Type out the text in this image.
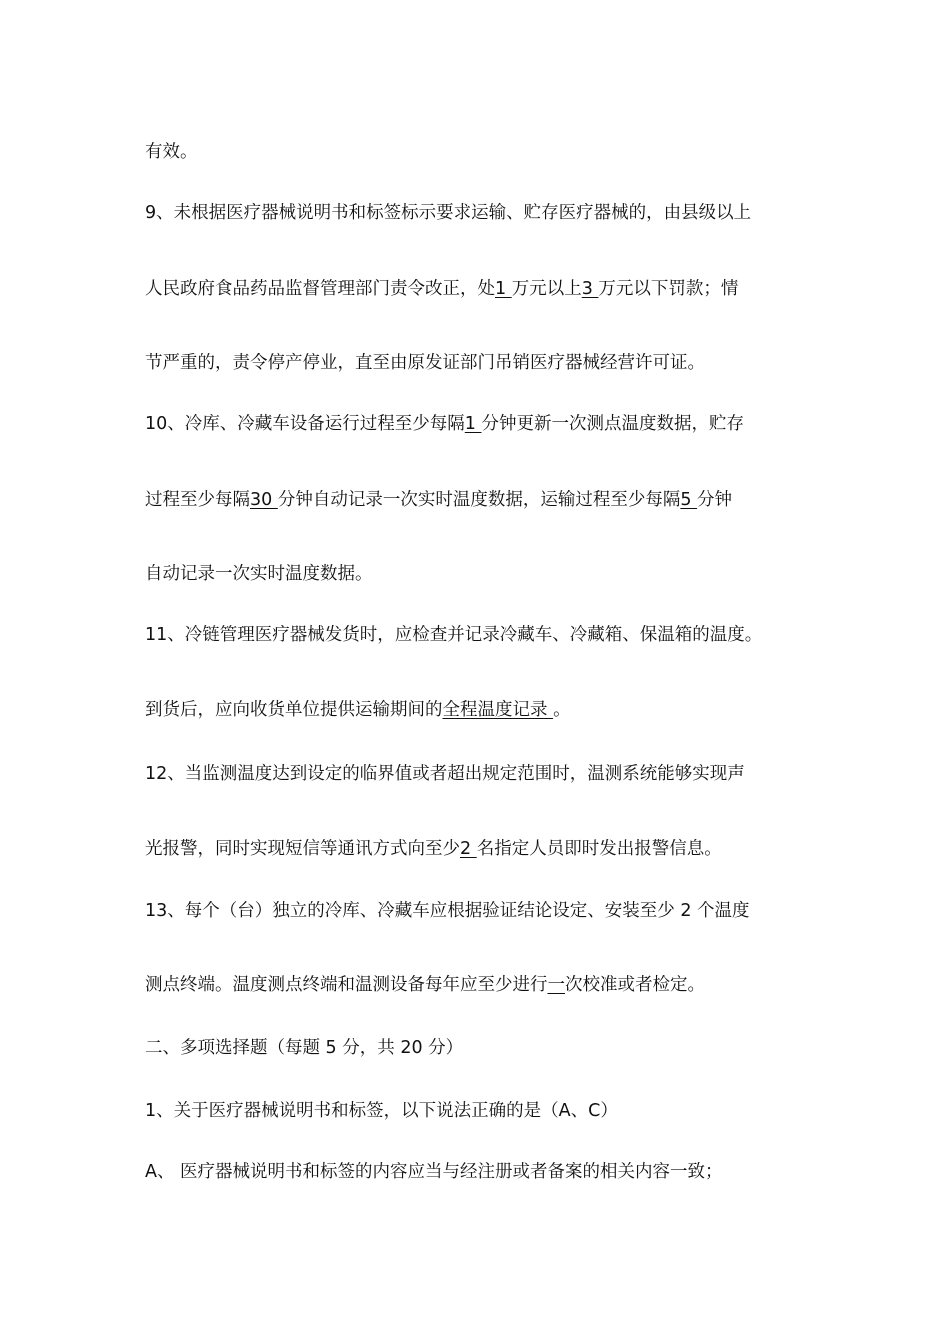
有效。
9、未根据医疗器械说明书和标签标示要求运输、贮存医疗器械的，由县级以上
人民政府食品药品监督管理部门责令改正，处1 万元以上3 万元以下罚款；情
节严重的，责令停产停业，直至由原发证部门吊销医疗器械经营许可证。
10、冷库、冷藏车设备运行过程至少每隔1 分钟更新一次测点温度数据，贮存
过程至少每隔30 分钟自动记录一次实时温度数据，运输过程至少每隔5 分钟
自动记录一次实时温度数据。
11、冷链管理医疗器械发货时，应检查并记录冷藏车、冷藏箱、保温箱的温度。
到货后，应向收货单位提供运输期间的全程温度记录 。
12、当监测温度达到设定的临界值或者超出规定范围时，温测系统能够实现声
光报警，同时实现短信等通讯方式向至少2 名指定人员即时发出报警信息。
13、每个（台）独立的冷库、冷藏车应根据验证结论设定、安装至少 2 个温度
测点终端。温度测点终端和温测设备每年应至少进行一次校准或者检定。
二、多项选择题（每题 5 分，共 20 分）
1、关于医疗器械说明书和标签，以下说法正确的是（A、C）
A、 医疗器械说明书和标签的内容应当与经注册或者备案的相关内容一致；
